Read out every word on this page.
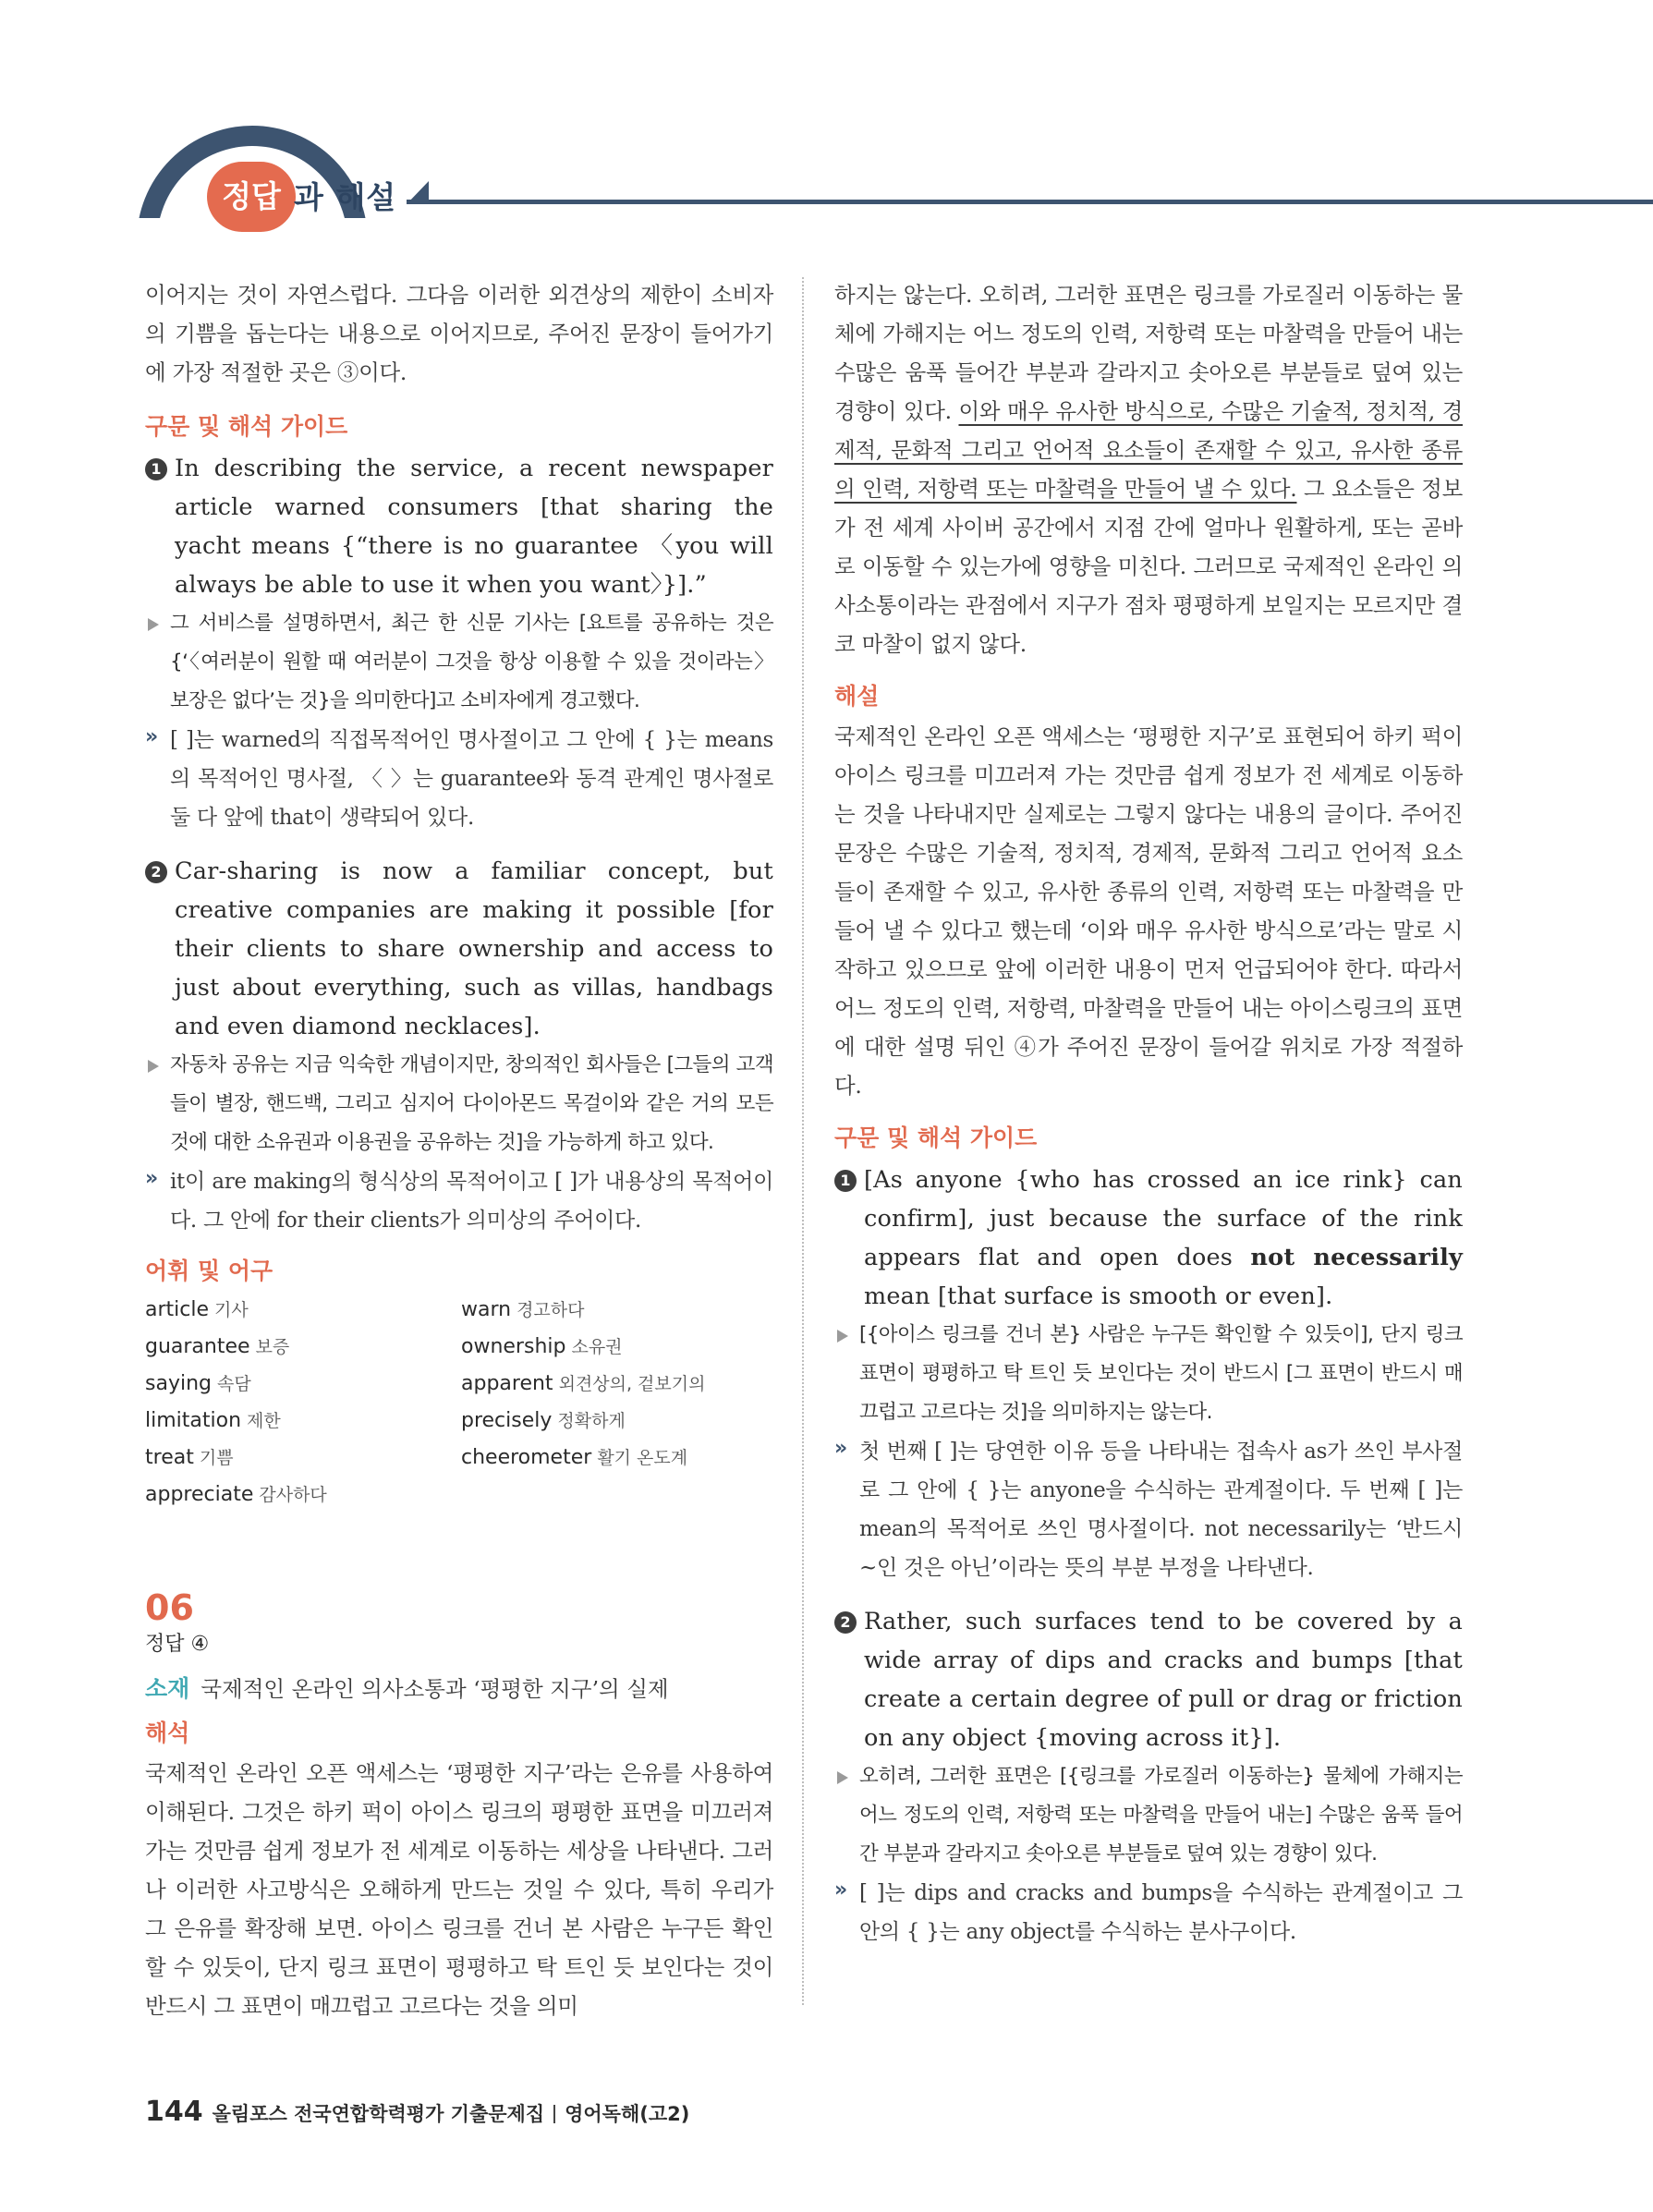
정답 과 해설

이어지는 것이 자연스럽다. 그다음 이러한 외견상의 제한이 소비자의 기쁨을 돕는다는 내용으로 이어지므로, 주어진 문장이 들어가기에 가장 적절한 곳은 ③이다.

구문 및 해석 가이드
1 In describing the service, a recent newspaper article warned consumers [that sharing the yacht means {“there is no guarantee 〈you will always be able to use it when you want〉}].”
그 서비스를 설명하면서, 최근 한 신문 기사는 [요트를 공유하는 것은 {‘〈여러분이 원할 때 여러분이 그것을 항상 이용할 수 있을 것이라는〉 보장은 없다’는 것}을 의미한다]고 소비자에게 경고했다.
» [ ]는 warned의 직접목적어인 명사절이고 그 안에 { }는 means의 목적어인 명사절, 〈 〉는 guarantee와 동격 관계인 명사절로 둘 다 앞에 that이 생략되어 있다.
2 Car-sharing is now a familiar concept, but creative companies are making it possible [for their clients to share ownership and access to just about everything, such as villas, handbags and even diamond necklaces].
자동차 공유는 지금 익숙한 개념이지만, 창의적인 회사들은 [그들의 고객들이 별장, 핸드백, 그리고 심지어 다이아몬드 목걸이와 같은 거의 모든 것에 대한 소유권과 이용권을 공유하는 것]을 가능하게 하고 있다.
» it이 are making의 형식상의 목적어이고 [ ]가 내용상의 목적어이다. 그 안에 for their clients가 의미상의 주어이다.
어휘 및 어구
article 기사	warn 경고하다
guarantee 보증	ownership 소유권
saying 속담	apparent 외견상의, 겉보기의
limitation 제한	precisely 정확하게
treat 기쁨	cheerometer 활기 온도계
appreciate 감사하다
06
정답 ④
소재 국제적인 온라인 의사소통과 ‘평평한 지구’의 실제
해석

국제적인 온라인 오픈 액세스는 ‘평평한 지구’라는 은유를 사용하여 이해된다. 그것은 하키 퍽이 아이스 링크의 평평한 표면을 미끄러져 가는 것만큼 쉽게 정보가 전 세계로 이동하는 세상을 나타낸다. 그러나 이러한 사고방식은 오해하게 만드는 것일 수 있다, 특히 우리가 그 은유를 확장해 보면. 아이스 링크를 건너 본 사람은 누구든 확인할 수 있듯이, 단지 링크 표면이 평평하고 탁 트인 듯 보인다는 것이 반드시 그 표면이 매끄럽고 고르다는 것을 의미

하지는 않는다. 오히려, 그러한 표면은 링크를 가로질러 이동하는 물체에 가해지는 어느 정도의 인력, 저항력 또는 마찰력을 만들어 내는 수많은 움푹 들어간 부분과 갈라지고 솟아오른 부분들로 덮여 있는 경향이 있다. 이와 매우 유사한 방식으로, 수많은 기술적, 정치적, 경제적, 문화적 그리고 언어적 요소들이 존재할 수 있고, 유사한 종류의 인력, 저항력 또는 마찰력을 만들어 낼 수 있다. 그 요소들은 정보가 전 세계 사이버 공간에서 지점 간에 얼마나 원활하게, 또는 곧바로 이동할 수 있는가에 영향을 미친다. 그러므로 국제적인 온라인 의사소통이라는 관점에서 지구가 점차 평평하게 보일지는 모르지만 결코 마찰이 없지 않다.

해설

국제적인 온라인 오픈 액세스는 ‘평평한 지구’로 표현되어 하키 퍽이 아이스 링크를 미끄러져 가는 것만큼 쉽게 정보가 전 세계로 이동하는 것을 나타내지만 실제로는 그렇지 않다는 내용의 글이다. 주어진 문장은 수많은 기술적, 정치적, 경제적, 문화적 그리고 언어적 요소들이 존재할 수 있고, 유사한 종류의 인력, 저항력 또는 마찰력을 만들어 낼 수 있다고 했는데 ‘이와 매우 유사한 방식으로’라는 말로 시작하고 있으므로 앞에 이러한 내용이 먼저 언급되어야 한다. 따라서 어느 정도의 인력, 저항력, 마찰력을 만들어 내는 아이스링크의 표면에 대한 설명 뒤인 ④가 주어진 문장이 들어갈 위치로 가장 적절하다.

구문 및 해석 가이드
1 [As anyone {who has crossed an ice rink} can confirm], just because the surface of the rink appears flat and open does not necessarily mean [that surface is smooth or even].
[{아이스 링크를 건너 본} 사람은 누구든 확인할 수 있듯이], 단지 링크 표면이 평평하고 탁 트인 듯 보인다는 것이 반드시 [그 표면이 반드시 매끄럽고 고르다는 것]을 의미하지는 않는다.
» 첫 번째 [ ]는 당연한 이유 등을 나타내는 접속사 as가 쓰인 부사절로 그 안에 { }는 anyone을 수식하는 관계절이다. 두 번째 [ ]는 mean의 목적어로 쓰인 명사절이다. not necessarily는 ‘반드시 ~인 것은 아닌’이라는 뜻의 부분 부정을 나타낸다.
2 Rather, such surfaces tend to be covered by a wide array of dips and cracks and bumps [that create a certain degree of pull or drag or friction on any object {moving across it}].
오히려, 그러한 표면은 [{링크를 가로질러 이동하는} 물체에 가해지는 어느 정도의 인력, 저항력 또는 마찰력을 만들어 내는] 수많은 움푹 들어간 부분과 갈라지고 솟아오른 부분들로 덮여 있는 경향이 있다.
» [ ]는 dips and cracks and bumps을 수식하는 관계절이고 그 안의 { }는 any object를 수식하는 분사구이다.
144 올림포스 전국연합학력평가 기출문제집 영어독해(고2)
